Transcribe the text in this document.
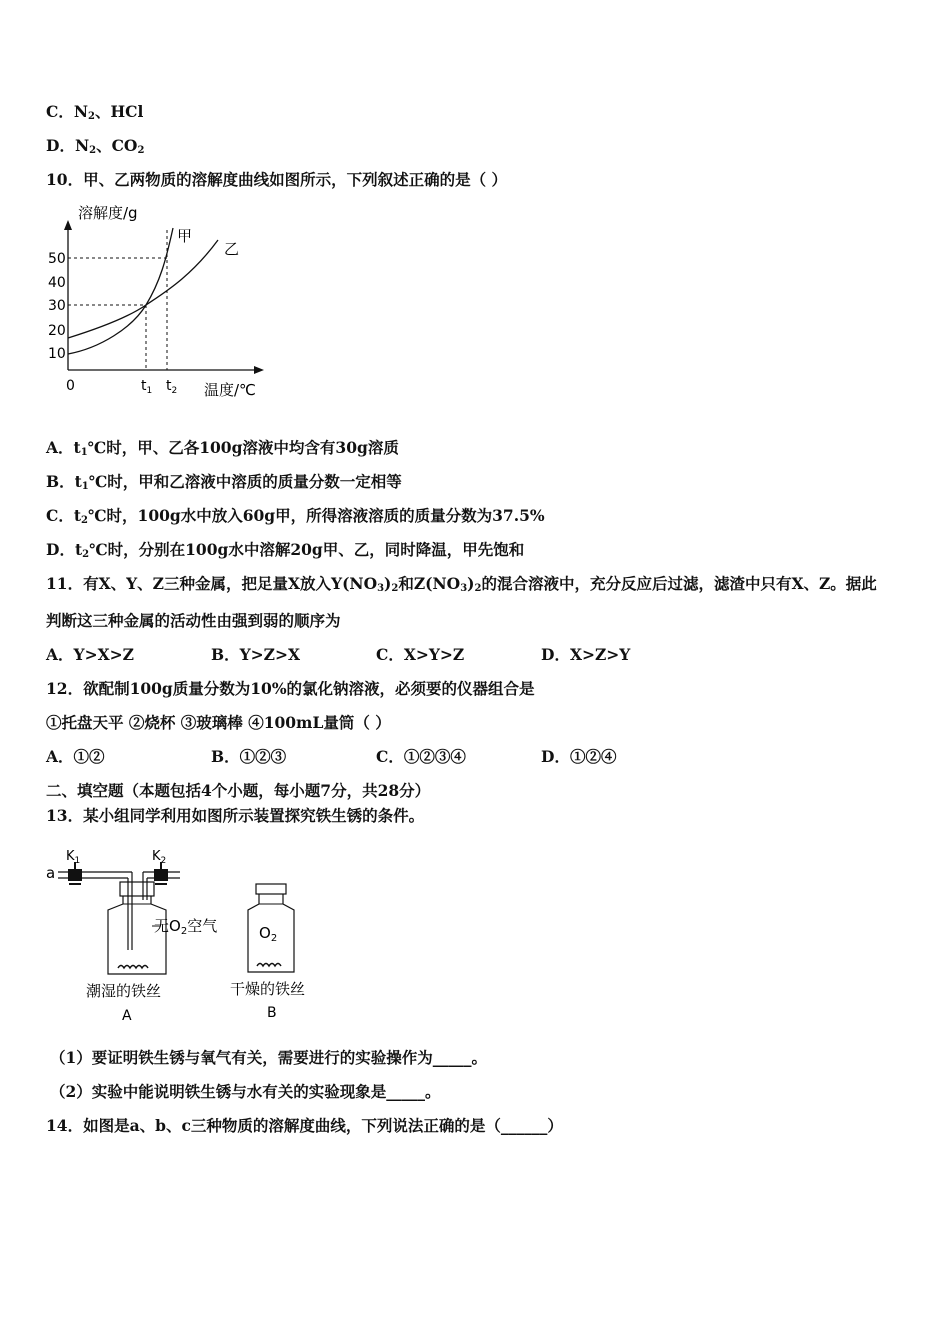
C．$N_2$、HCl
D．$N_2$、$CO_2$
10．甲、乙两物质的溶解度曲线如图所示，下列叙述正确的是（ ）
溶解度/g
50
40
30
20
10
0	$t_1$ $t_2$ 温度/℃
甲
乙
A．$t_1℃$时，甲、乙各100g溶液中均含有30g溶质
B．$t_1℃$时，甲和乙溶液中溶质的质量分数一定相等
C．$t_2℃$时，100g水中放入60g甲，所得溶液溶质的质量分数为37.5%
D．$t_2℃$时，分别在100g水中溶解20g甲、乙，同时降温，甲先饱和
11．有X、Y、Z三种金属，把足量X放入$Y(NO_3)_2$和$Z(NO_3)_2$的混合溶液中，充分反应后过滤，滤渣中只有X、Z。据此
判断这三种金属的活动性由强到弱的顺序为
A．Y>X>Z	B．Y>Z>X	C．X>Y>Z	D．X>Z>Y
12．欲配制100g质量分数为10%的氯化钠溶液，必须要的仪器组合是
①托盘天平 ②烧杯 ③玻璃棒 ④100mL量筒（ ）
A．①②	B．①②③	C．①②③④	D．①②④
二、填空题（本题包括4个小题，每小题7分，共28分）
13．某小组同学利用如图所示装置探究铁生锈的条件。
a
$K_1$	$K_2$
无$O_2$空气
潮湿的铁丝
A
$O_2$
干燥的铁丝
B
（1）要证明铁生锈与氧气有关，需要进行的实验操作为_____。
（2）实验中能说明铁生锈与水有关的实验现象是_____。
14．如图是a、b、c三种物质的溶解度曲线，下列说法正确的是（______）
